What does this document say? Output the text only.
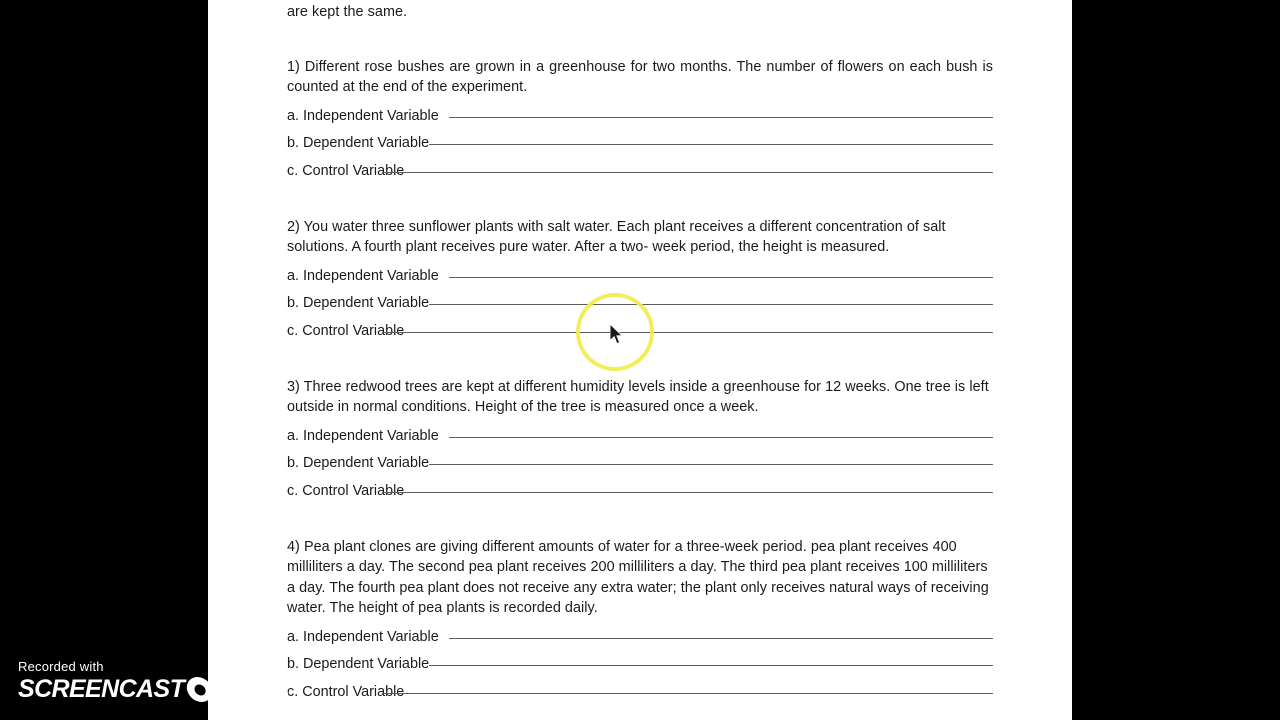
are kept the same.

1) Different rose bushes are grown in a greenhouse for two months. The number of flowers on each bush is counted at the end of the experiment.

a. Independent Variable
b. Dependent Variable
c. Control Variable

2) You water three sunflower plants with salt water. Each plant receives a different concentration of salt solutions. A fourth plant receives pure water. After a two- week period, the height is measured.

a. Independent Variable
b. Dependent Variable
c. Control Variable

3) Three redwood trees are kept at different humidity levels inside a greenhouse for 12 weeks. One tree is left outside in normal conditions. Height of the tree is measured once a week.

a. Independent Variable
b. Dependent Variable
c. Control Variable

4) Pea plant clones are giving different amounts of water for a three-week period. pea plant receives 400 milliliters a day. The second pea plant receives 200 milliliters a day. The third pea plant receives 100 milliliters a day. The fourth pea plant does not receive any extra water; the plant only receives natural ways of receiving water. The height of pea plants is recorded daily.

a. Independent Variable
b. Dependent Variable
c. Control Variable
Recorded with
SCREENCAST MATIC
